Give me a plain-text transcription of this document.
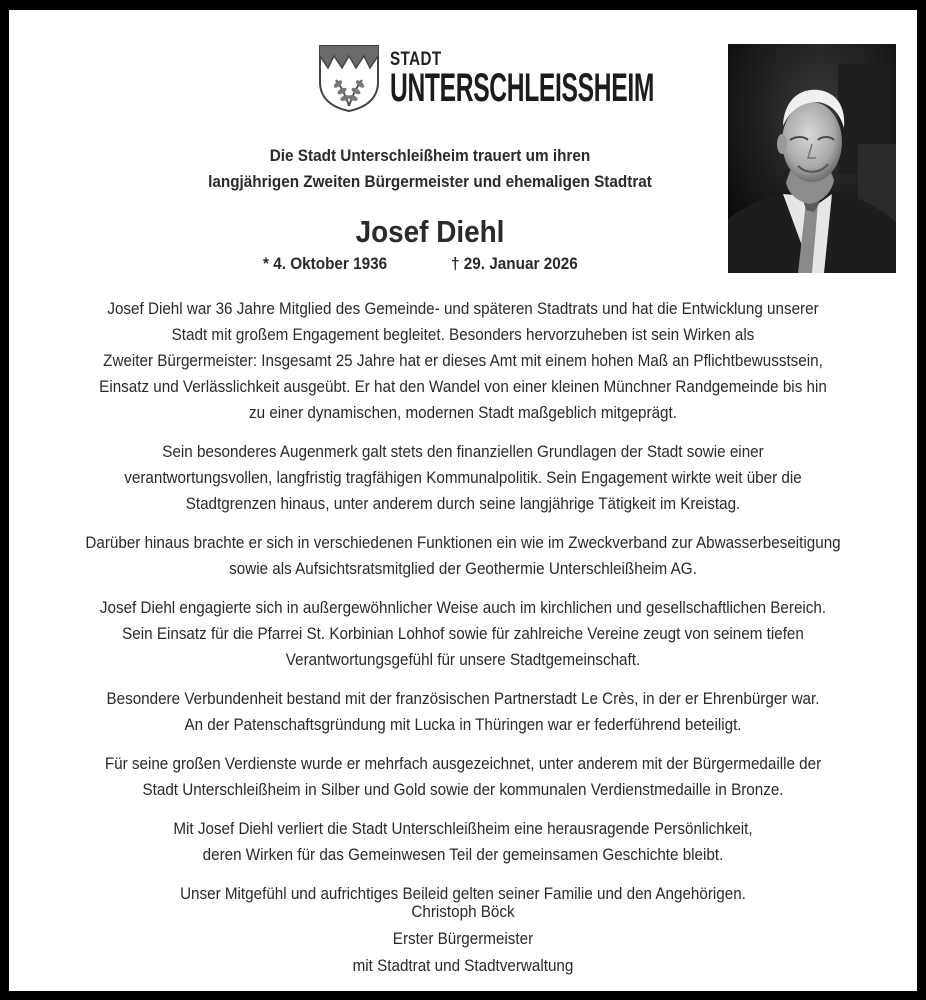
STADT
UNTERSCHLEISSHEIM
Die Stadt Unterschleißheim trauert um ihren
langjährigen Zweiten Bürgermeister und ehemaligen Stadtrat
Josef Diehl
* 4. Oktober 1936	† 29. Januar 2026
Josef Diehl war 36 Jahre Mitglied des Gemeinde- und späteren Stadtrats und hat die Entwicklung unserer
Stadt mit großem Engagement begleitet. Besonders hervorzuheben ist sein Wirken als
Zweiter Bürgermeister: Insgesamt 25 Jahre hat er dieses Amt mit einem hohen Maß an Pflichtbewusstsein,
Einsatz und Verlässlichkeit ausgeübt. Er hat den Wandel von einer kleinen Münchner Randgemeinde bis hin
zu einer dynamischen, modernen Stadt maßgeblich mitgeprägt.
Sein besonderes Augenmerk galt stets den finanziellen Grundlagen der Stadt sowie einer
verantwortungsvollen, langfristig tragfähigen Kommunalpolitik. Sein Engagement wirkte weit über die
Stadtgrenzen hinaus, unter anderem durch seine langjährige Tätigkeit im Kreistag.
Darüber hinaus brachte er sich in verschiedenen Funktionen ein wie im Zweckverband zur Abwasserbeseitigung
sowie als Aufsichtsratsmitglied der Geothermie Unterschleißheim AG.
Josef Diehl engagierte sich in außergewöhnlicher Weise auch im kirchlichen und gesellschaftlichen Bereich.
Sein Einsatz für die Pfarrei St. Korbinian Lohhof sowie für zahlreiche Vereine zeugt von seinem tiefen
Verantwortungsgefühl für unsere Stadtgemeinschaft.
Besondere Verbundenheit bestand mit der französischen Partnerstadt Le Crès, in der er Ehrenbürger war.
An der Patenschaftsgründung mit Lucka in Thüringen war er federführend beteiligt.
Für seine großen Verdienste wurde er mehrfach ausgezeichnet, unter anderem mit der Bürgermedaille der
Stadt Unterschleißheim in Silber und Gold sowie der kommunalen Verdienstmedaille in Bronze.
Mit Josef Diehl verliert die Stadt Unterschleißheim eine herausragende Persönlichkeit,
deren Wirken für das Gemeinwesen Teil der gemeinsamen Geschichte bleibt.
Unser Mitgefühl und aufrichtiges Beileid gelten seiner Familie und den Angehörigen.
Christoph Böck
Erster Bürgermeister
mit Stadtrat und Stadtverwaltung
